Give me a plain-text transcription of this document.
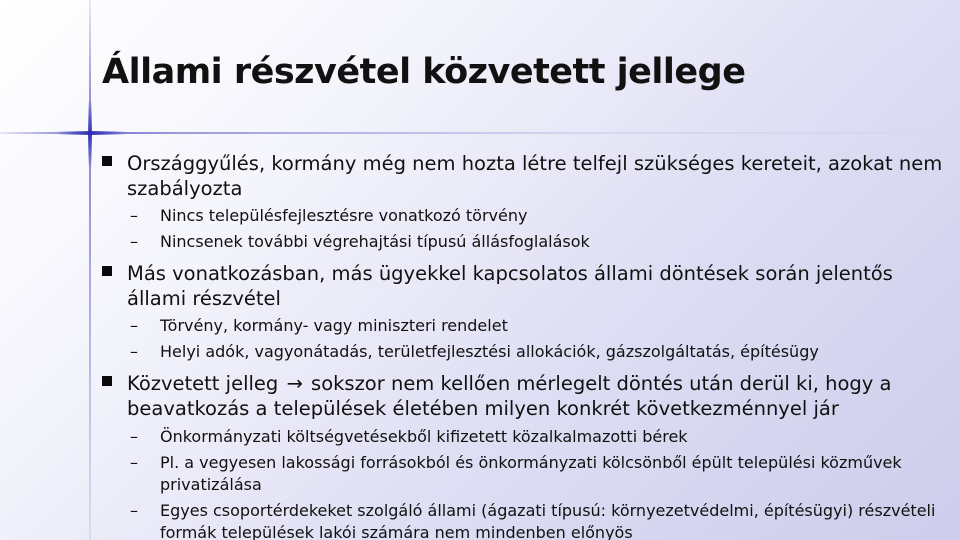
Állami részvétel közvetett jellege
Országgyűlés, kormány még nem hozta létre telfejl szükséges kereteit, azokat nem szabályozta
–	Nincs településfejlesztésre vonatkozó törvény
–	Nincsenek további végrehajtási típusú állásfoglalások
Más vonatkozásban, más ügyekkel kapcsolatos állami döntések során jelentős állami részvétel
–	Törvény, kormány- vagy miniszteri rendelet
–	Helyi adók, vagyonátadás, területfejlesztési allokációk, gázszolgáltatás, építésügy
Közvetett jelleg → sokszor nem kellően mérlegelt döntés után derül ki, hogy a beavatkozás a települések életében milyen konkrét következménnyel jár
–	Önkormányzati költségvetésekből kifizetett közalkalmazotti bérek
–	Pl. a vegyesen lakossági forrásokból és önkormányzati kölcsönből épült települési közművek privatizálása
–	Egyes csoportérdekeket szolgáló állami (ágazati típusú: környezetvédelmi, építésügyi) részvételi formák települések lakói számára nem mindenben előnyös
